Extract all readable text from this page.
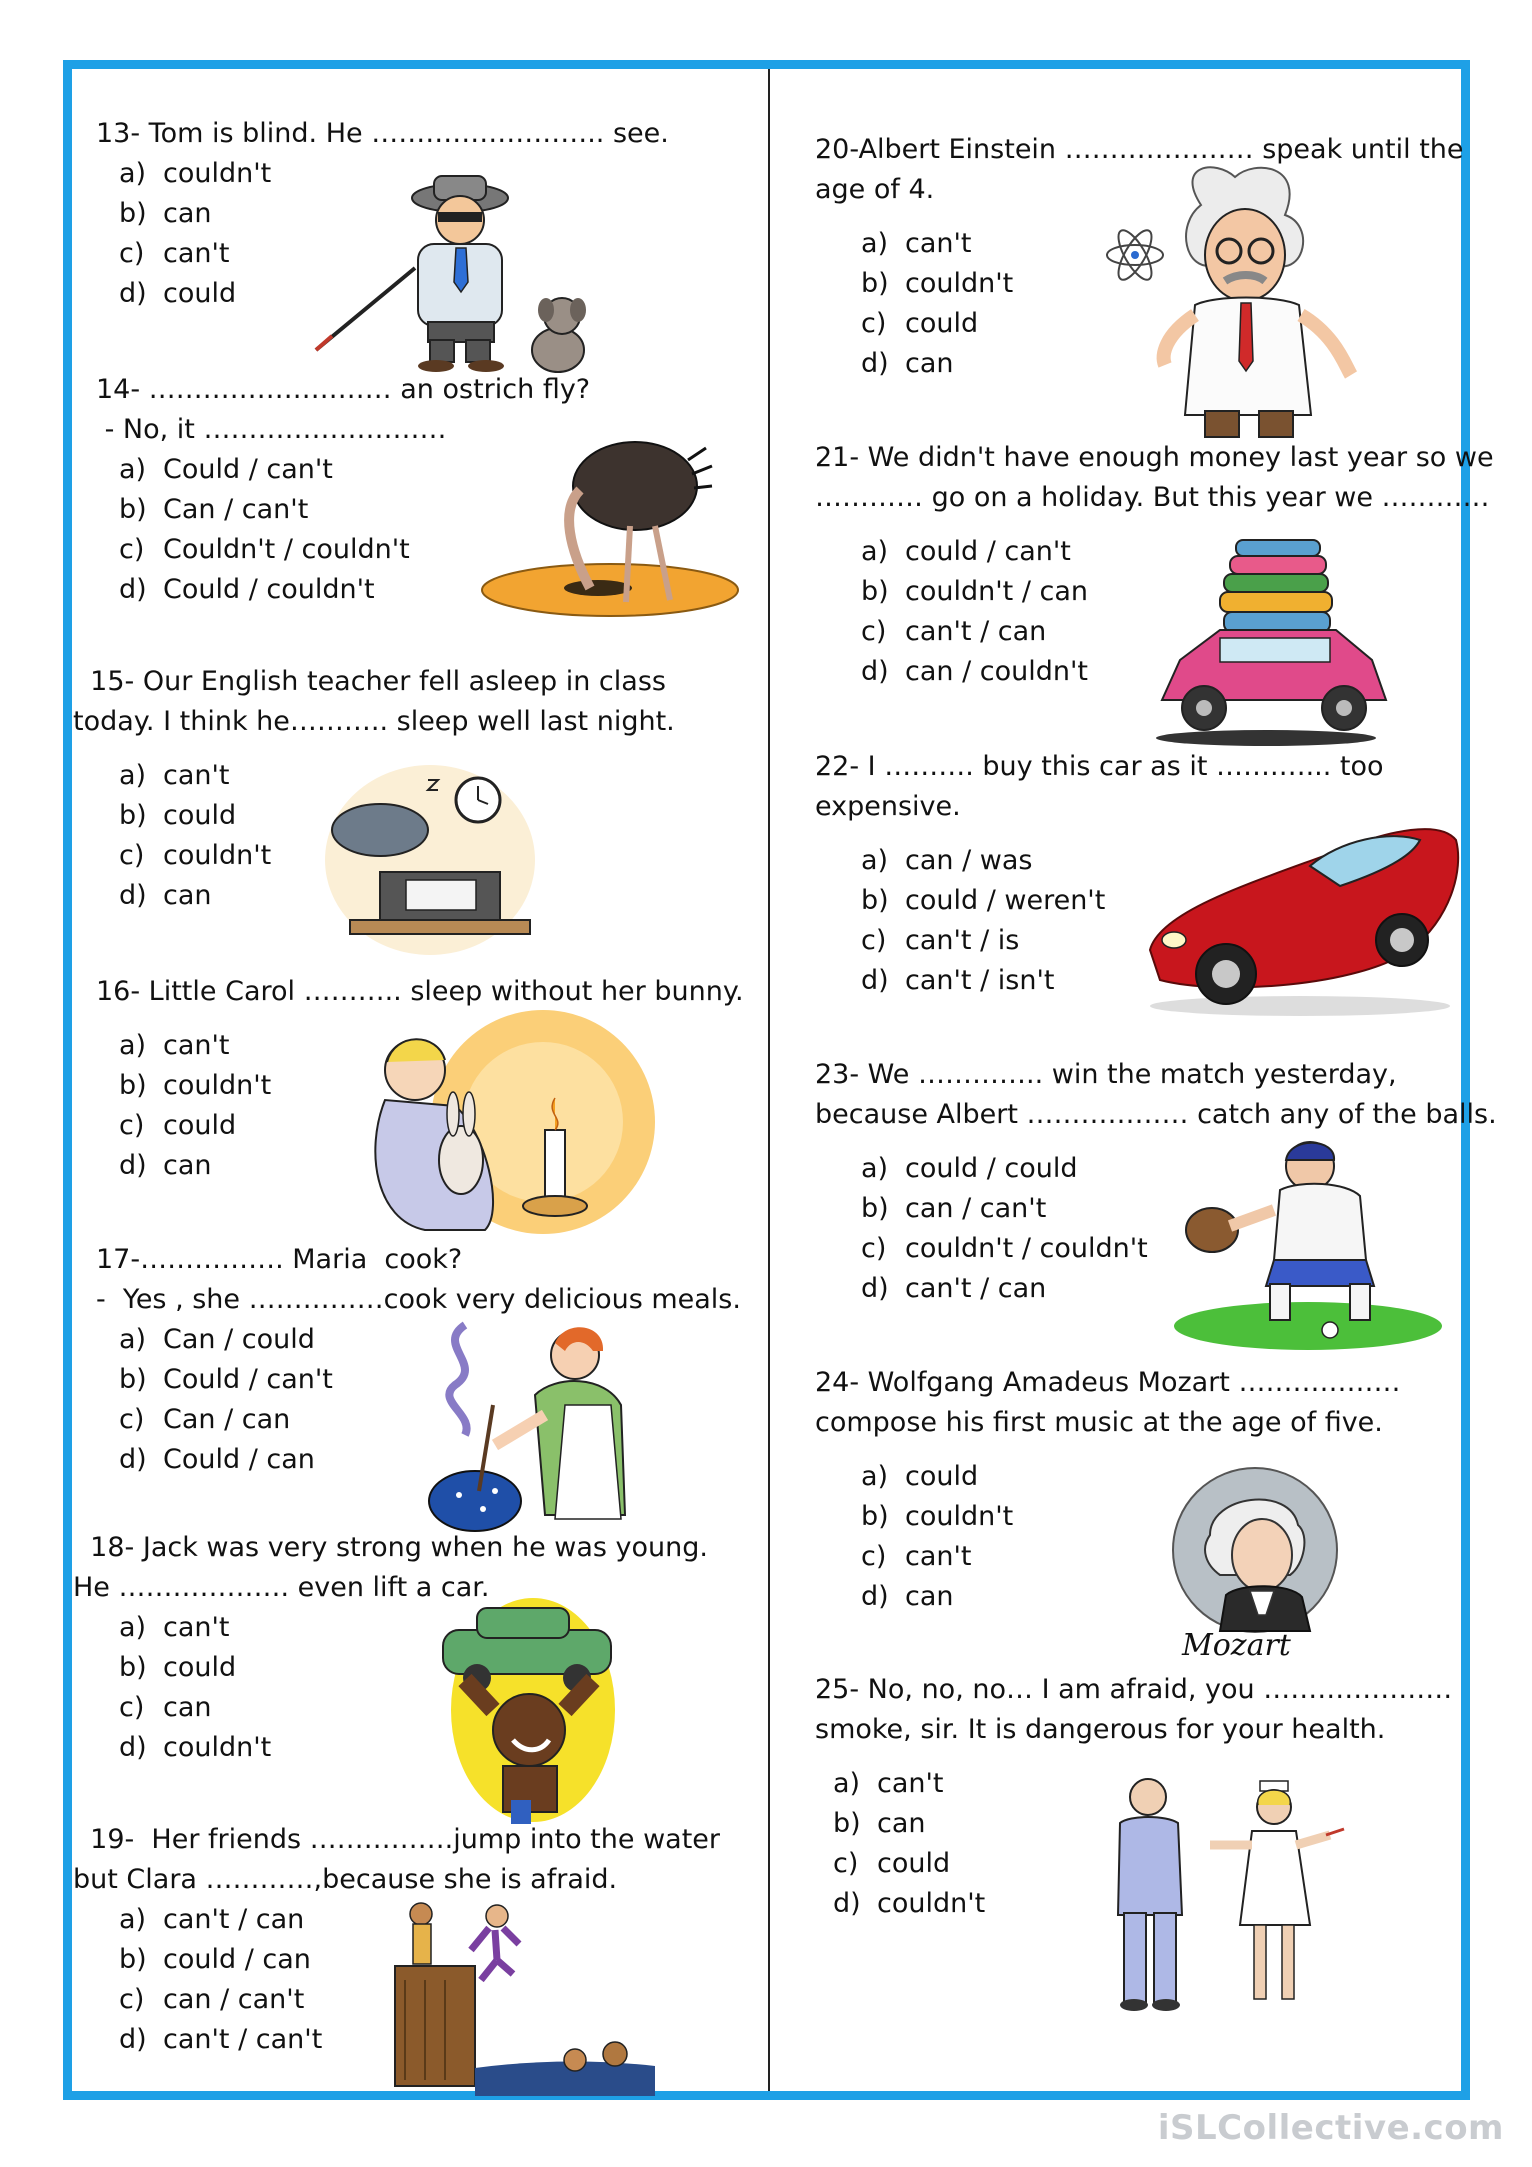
13- Tom is blind. He …………………….. see.

a) couldn't
b) can
c) can't
d) could

14- ……………………… an ostrich fly?
- No, it ………………………

a) Could / can't
b) Can / can't
c) Couldn't / couldn't
d) Could / couldn't

15- Our English teacher fell asleep in class
today. I think he……….. sleep well last night.

a) can't
b) could
c) couldn't
d) can

16- Little Carol ……….. sleep without her bunny.

a) can't
b) couldn't
c) could
d) can

17-……………. Maria  cook?
-  Yes , she ……………cook very delicious meals.

a) Can / could
b) Could / can't
c) Can / can
d) Could / can

18- Jack was very strong when he was young.
He ………………. even lift a car.

a) can't
b) could
c) can
d) couldn't

19-  Her friends …………….jump into the water
but Clara …………,because she is afraid.

a) can't / can
b) could / can
c) can / can't
d) can't / can't

20-Albert Einstein ………………… speak until the
age of 4.

a) can't
b) couldn't
c) could
d) can

21- We didn't have enough money last year so we
………… go on a holiday. But this year we …………

a) could / can't
b) couldn't / can
c) can't / can
d) can / couldn't

22- I ………. buy this car as it …….…... too
expensive.

a) can / was
b) could / weren't
c) can't / is
d) can't / isn't

23- We ………….. win the match yesterday,
because Albert ……………… catch any of the balls.

a) could / could
b) can / can't
c) couldn't / couldn't
d) can't / can

24- Wolfgang Amadeus Mozart ………………
compose his first music at the age of five.

a) could
b) couldn't
c) can't
d) can
Mozart

25- No, no, no… I am afraid, you …………………
smoke, sir. It is dangerous for your health.

a) can't
b) can
c) could
d) couldn't
iSLCollective.com
